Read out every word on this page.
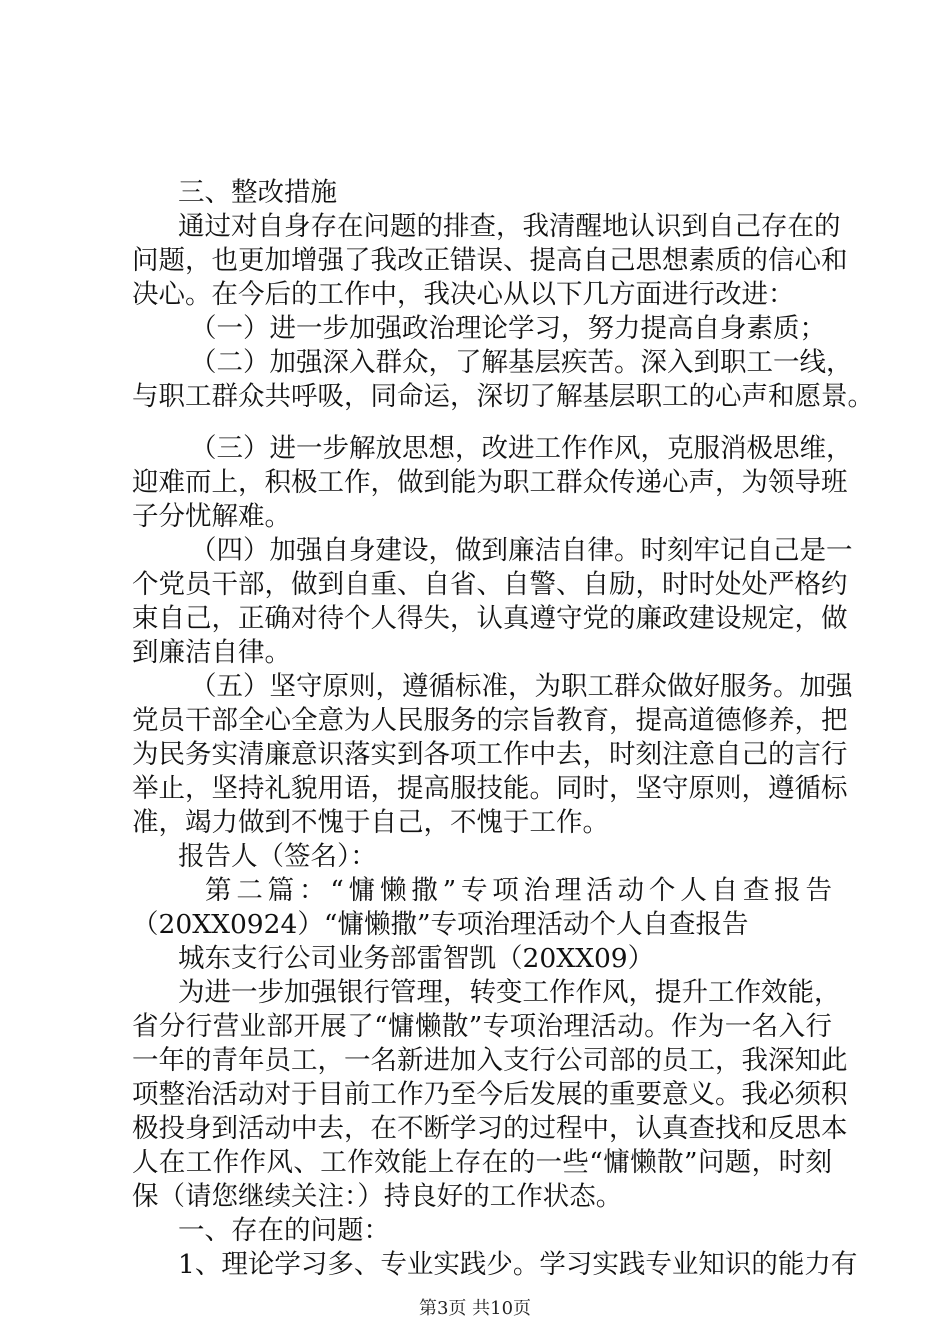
三、整改措施
通过对自身存在问题的排查，我清醒地认识到自己存在的
问题，也更加增强了我改正错误、提高自己思想素质的信心和
决心。在今后的工作中，我决心从以下几方面进行改进：
（一）进一步加强政治理论学习，努力提高自身素质；
（二）加强深入群众，了解基层疾苦。深入到职工一线，
与职工群众共呼吸，同命运，深切了解基层职工的心声和愿景。
（三）进一步解放思想，改进工作作风，克服消极思维，
迎难而上，积极工作，做到能为职工群众传递心声，为领导班
子分忧解难。
（四）加强自身建设，做到廉洁自律。时刻牢记自己是一
个党员干部，做到自重、自省、自警、自励，时时处处严格约
束自己，正确对待个人得失，认真遵守党的廉政建设规定，做
到廉洁自律。
（五）坚守原则，遵循标准，为职工群众做好服务。加强
党员干部全心全意为人民服务的宗旨教育，提高道德修养，把
为民务实清廉意识落实到各项工作中去，时刻注意自己的言行
举止，坚持礼貌用语，提高服技能。同时，坚守原则，遵循标
准，竭力做到不愧于自己，不愧于工作。
报告人（签名）：
第二篇：“慵懒撒”专项治理活动个人自查报告
（20XX0924）“慵懒撒”专项治理活动个人自查报告
城东支行公司业务部雷智凯（20XX09）
为进一步加强银行管理，转变工作作风，提升工作效能，
省分行营业部开展了“慵懒散”专项治理活动。作为一名入行
一年的青年员工，一名新进加入支行公司部的员工，我深知此
项整治活动对于目前工作乃至今后发展的重要意义。我必须积
极投身到活动中去，在不断学习的过程中，认真查找和反思本
人在工作作风、工作效能上存在的一些“慵懒散”问题，时刻
保（请您继续关注：）持良好的工作状态。
一、存在的问题：
1、理论学习多、专业实践少。学习实践专业知识的能力有
第3页 共10页
